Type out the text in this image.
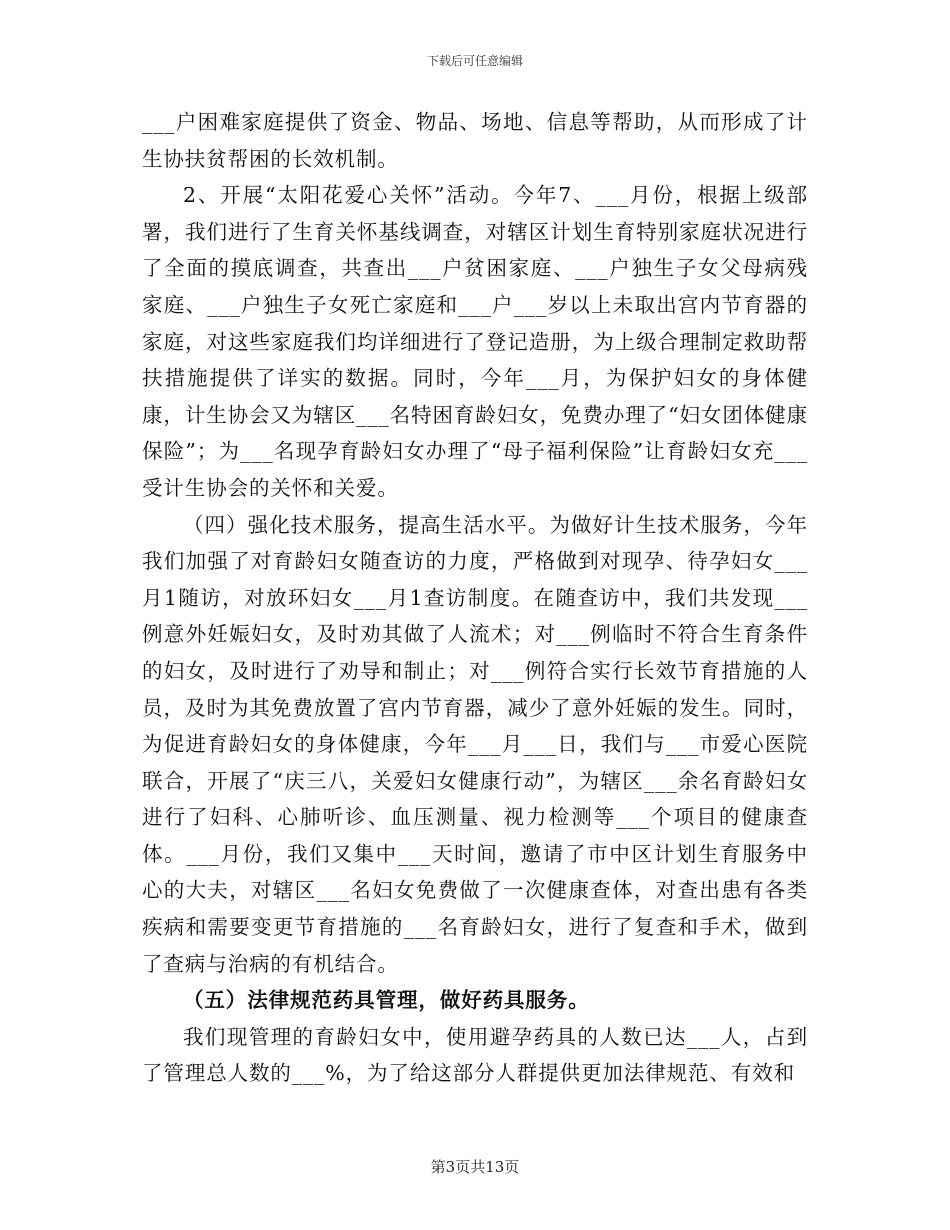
下载后可任意编辑

___户困难家庭提供了资金、物品、场地、信息等帮助，从而形成了计生协扶贫帮困的长效机制。

2、开展“太阳花爱心关怀”活动。今年7、___月份，根据上级部署，我们进行了生育关怀基线调查，对辖区计划生育特别家庭状况进行了全面的摸底调查，共查出___户贫困家庭、___户独生子女父母病残家庭、___户独生子女死亡家庭和___户___岁以上未取出宫内节育器的家庭，对这些家庭我们均详细进行了登记造册，为上级合理制定救助帮扶措施提供了详实的数据。同时，今年___月，为保护妇女的身体健康，计生协会又为辖区___名特困育龄妇女，免费办理了“妇女团体健康保险”；为___名现孕育龄妇女办理了“母子福利保险”让育龄妇女充___受计生协会的关怀和关爱。

（四）强化技术服务，提高生活水平。为做好计生技术服务，今年我们加强了对育龄妇女随查访的力度，严格做到对现孕、待孕妇女___月1随访，对放环妇女___月1查访制度。在随查访中，我们共发现___例意外妊娠妇女，及时劝其做了人流术；对___例临时不符合生育条件的妇女，及时进行了劝导和制止；对___例符合实行长效节育措施的人员，及时为其免费放置了宫内节育器，减少了意外妊娠的发生。同时，为促进育龄妇女的身体健康，今年___月___日，我们与___市爱心医院联合，开展了“庆三八，关爱妇女健康行动”，为辖区___余名育龄妇女进行了妇科、心肺听诊、血压测量、视力检测等___个项目的健康查体。___月份，我们又集中___天时间，邀请了市中区计划生育服务中心的大夫，对辖区___名妇女免费做了一次健康查体，对查出患有各类疾病和需要变更节育措施的___名育龄妇女，进行了复查和手术，做到了查病与治病的有机结合。

（五）法律规范药具管理，做好药具服务。

我们现管理的育龄妇女中，使用避孕药具的人数已达___人，占到了管理总人数的___%，为了给这部分人群提供更加法律规范、有效和

第3页共13页
